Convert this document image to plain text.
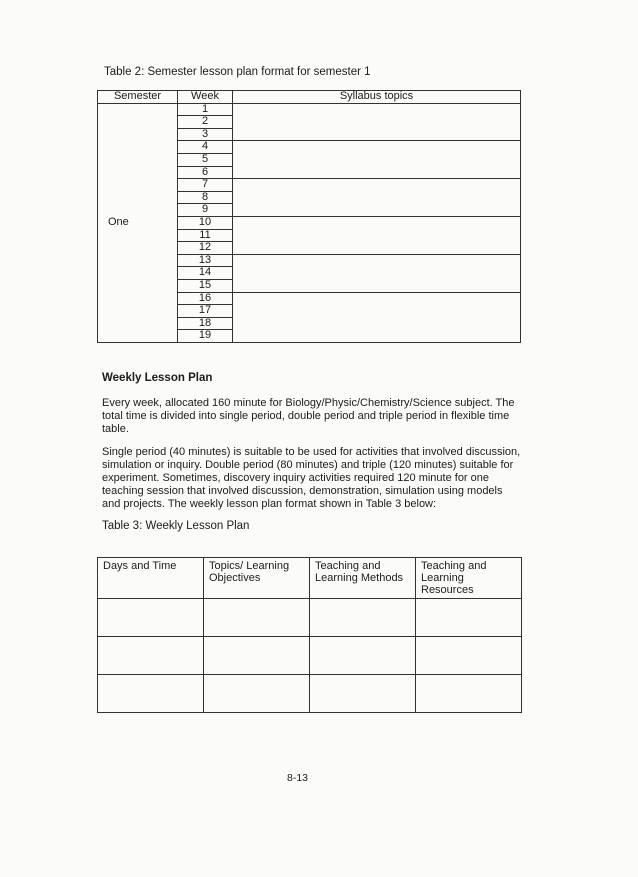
Table 2: Semester lesson plan format for semester 1
Semester	Week	Syllabus topics
One	1	
	2	
	3	
	4	
	5	
	6	
	7	
	8	
	9	
	10	
	11	
	12	
	13	
	14	
	15	
	16	
	17	
	18	
	19	
Weekly Lesson Plan
Every week, allocated 160 minute for Biology/Physic/Chemistry/Science subject. The total time is divided into single period, double period and triple period in flexible time table.
Single period (40 minutes) is suitable to be used for activities that involved discussion, simulation or inquiry. Double period (80 minutes) and triple (120 minutes) suitable for experiment. Sometimes, discovery inquiry activities required 120 minute for one teaching session that involved discussion, demonstration, simulation using models and projects. The weekly lesson plan format shown in Table 3 below:
Table 3: Weekly Lesson Plan
Days and Time	Topics/ Learning Objectives	Teaching and Learning Methods	Teaching and Learning Resources

8-13
